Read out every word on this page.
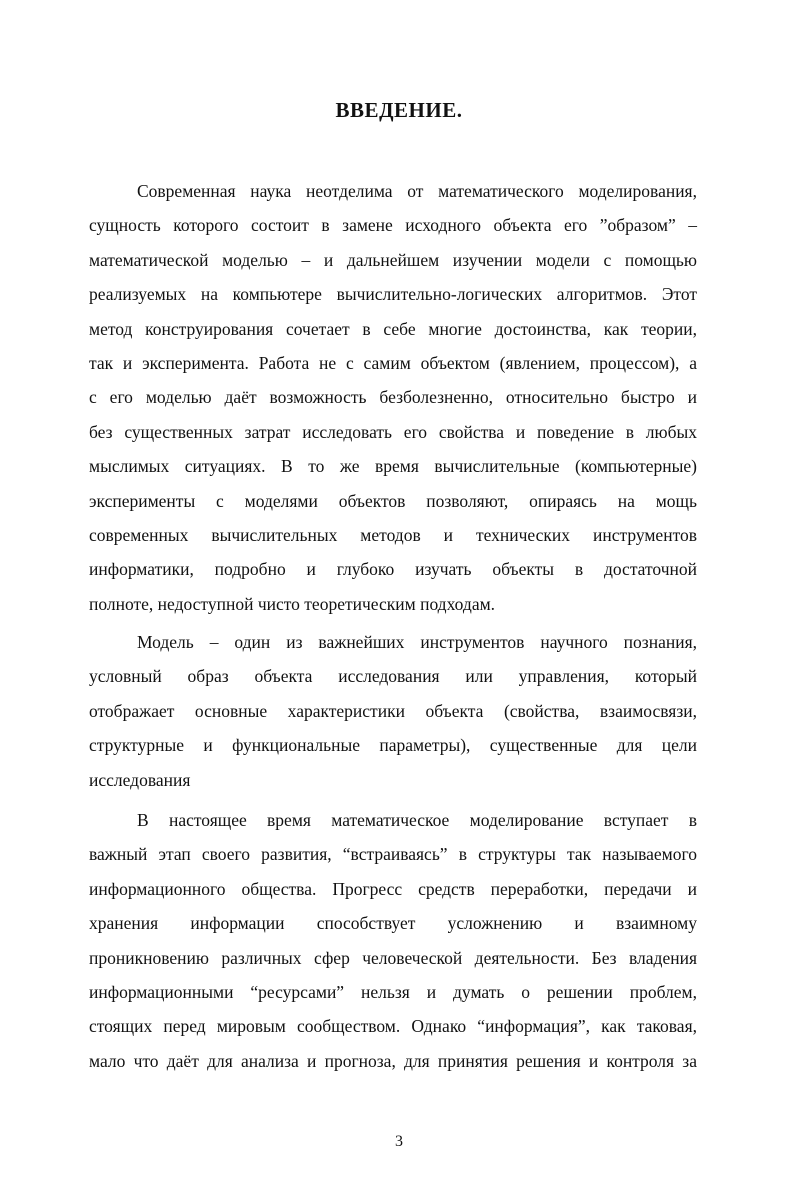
ВВЕДЕНИЕ.

Современная наука неотделима от математического моделирования,
сущность которого состоит в замене исходного объекта его ”образом” –
математической моделью – и дальнейшем изучении модели с помощью
реализуемых на компьютере вычислительно-логических алгоритмов. Этот
метод конструирования сочетает в себе многие достоинства, как теории,
так и эксперимента. Работа не с самим объектом (явлением, процессом), а
с его моделью даёт возможность безболезненно, относительно быстро и
без существенных затрат исследовать его свойства и поведение в любых
мыслимых ситуациях. В то же время вычислительные (компьютерные)
эксперименты с моделями объектов позволяют, опираясь на мощь
современных вычислительных методов и технических инструментов
информатики, подробно и глубоко изучать объекты в достаточной
полноте, недоступной чисто теоретическим подходам.

Модель – один из важнейших инструментов научного познания,
условный образ объекта исследования или управления, который
отображает основные характеристики объекта (свойства, взаимосвязи,
структурные и функциональные параметры), существенные для цели
исследования

В настоящее время математическое моделирование вступает в
важный этап своего развития, “встраиваясь” в структуры так называемого
информационного общества. Прогресс средств переработки, передачи и
хранения информации способствует усложнению и взаимному
проникновению различных сфер человеческой деятельности. Без владения
информационными “ресурсами” нельзя и думать о решении проблем,
стоящих перед мировым сообществом. Однако “информация”, как таковая,
мало что даёт для анализа и прогноза, для принятия решения и контроля за

3
